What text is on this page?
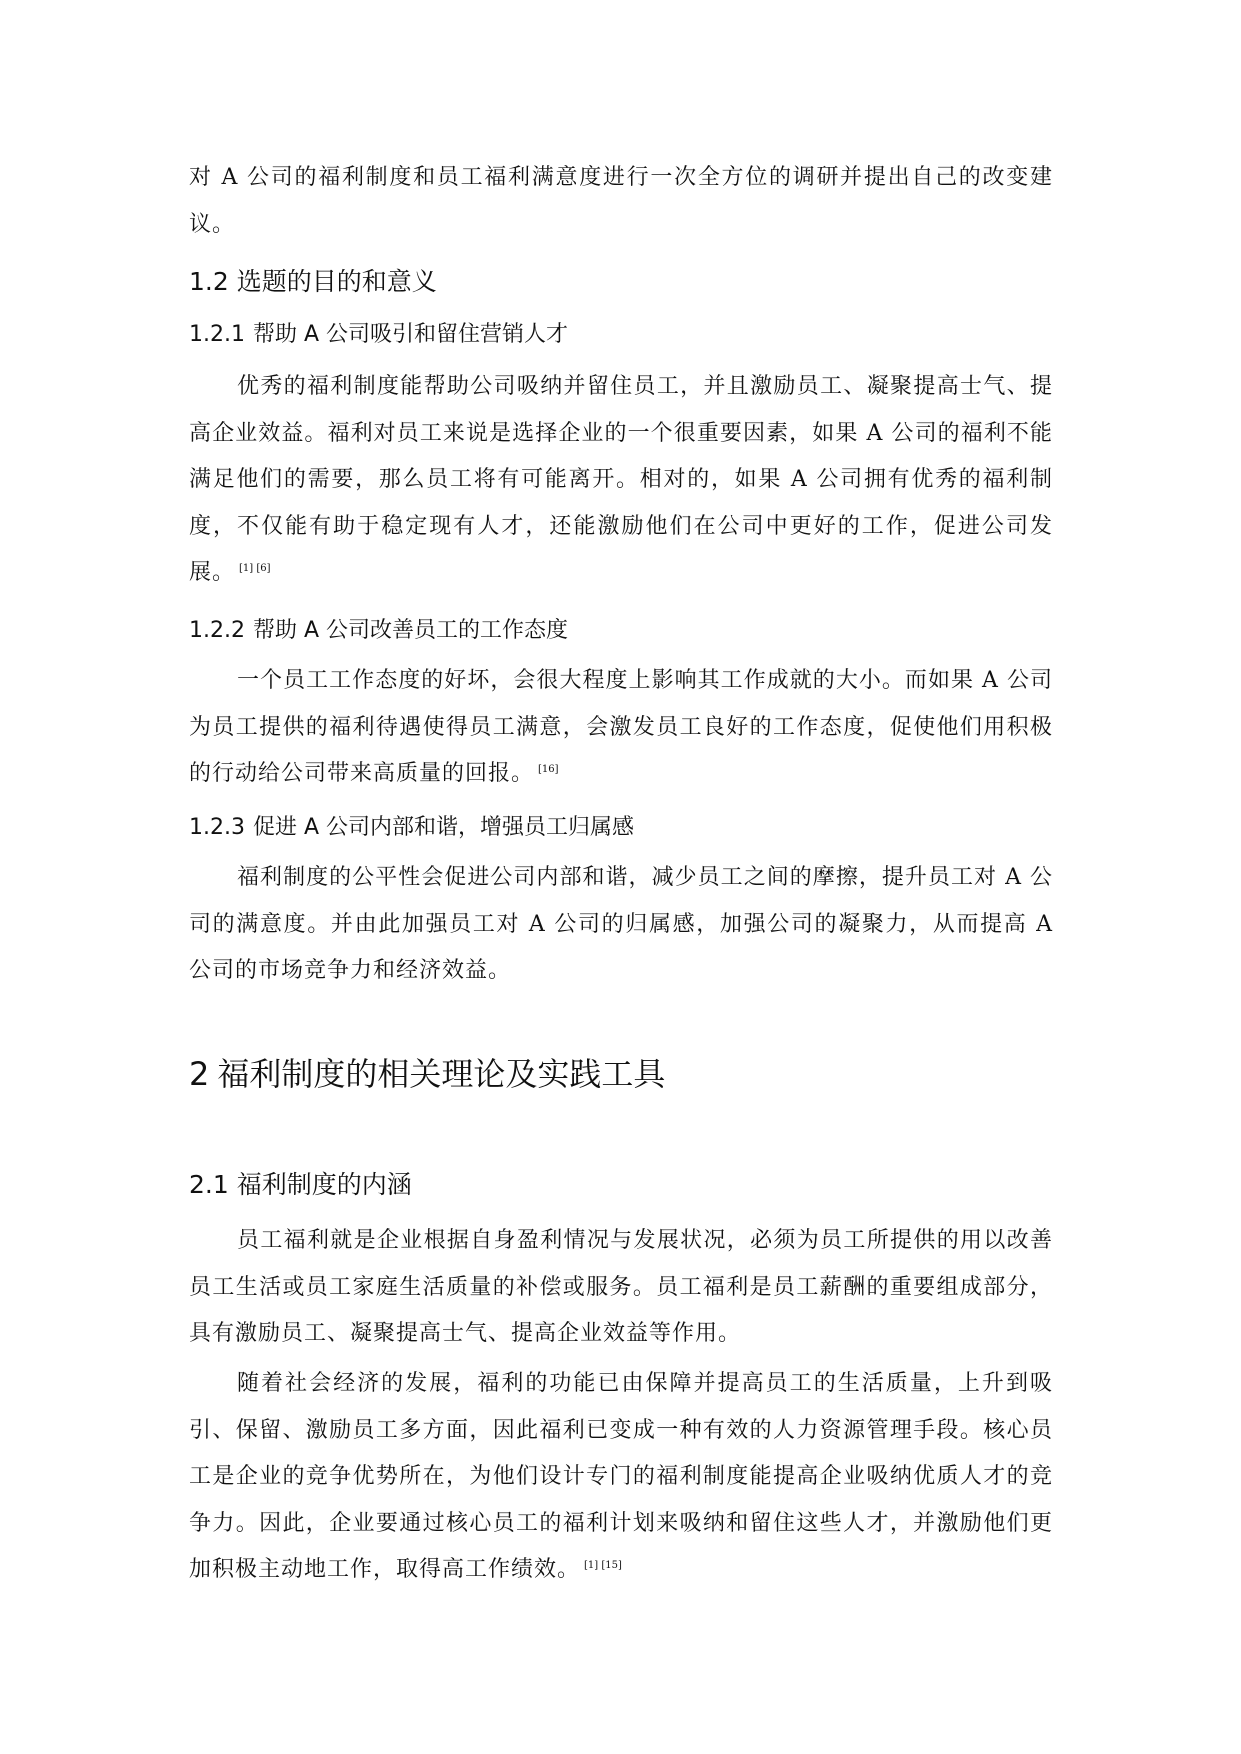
对 A 公司的福利制度和员工福利满意度进行一次全方位的调研并提出自己的改变建议。

1.2 选题的目的和意义
1.2.1 帮助 A 公司吸引和留住营销人才

优秀的福利制度能帮助公司吸纳并留住员工，并且激励员工、凝聚提高士气、提高企业效益。福利对员工来说是选择企业的一个很重要因素，如果 A 公司的福利不能满足他们的需要，那么员工将有可能离开。相对的，如果 A 公司拥有优秀的福利制度，不仅能有助于稳定现有人才，还能激励他们在公司中更好的工作，促进公司发展。 [1] [6]

1.2.2 帮助 A 公司改善员工的工作态度

一个员工工作态度的好坏，会很大程度上影响其工作成就的大小。而如果 A 公司为员工提供的福利待遇使得员工满意，会激发员工良好的工作态度，促使他们用积极的行动给公司带来高质量的回报。 [16]

1.2.3 促进 A 公司内部和谐，增强员工归属感

福利制度的公平性会促进公司内部和谐，减少员工之间的摩擦，提升员工对 A 公司的满意度。并由此加强员工对 A 公司的归属感，加强公司的凝聚力，从而提高 A 公司的市场竞争力和经济效益。

2 福利制度的相关理论及实践工具
2.1 福利制度的内涵

员工福利就是企业根据自身盈利情况与发展状况，必须为员工所提供的用以改善员工生活或员工家庭生活质量的补偿或服务。员工福利是员工薪酬的重要组成部分，具有激励员工、凝聚提高士气、提高企业效益等作用。

随着社会经济的发展，福利的功能已由保障并提高员工的生活质量，上升到吸引、保留、激励员工多方面，因此福利已变成一种有效的人力资源管理手段。核心员工是企业的竞争优势所在，为他们设计专门的福利制度能提高企业吸纳优质人才的竞争力。因此，企业要通过核心员工的福利计划来吸纳和留住这些人才，并激励他们更加积极主动地工作，取得高工作绩效。 [1] [15]
